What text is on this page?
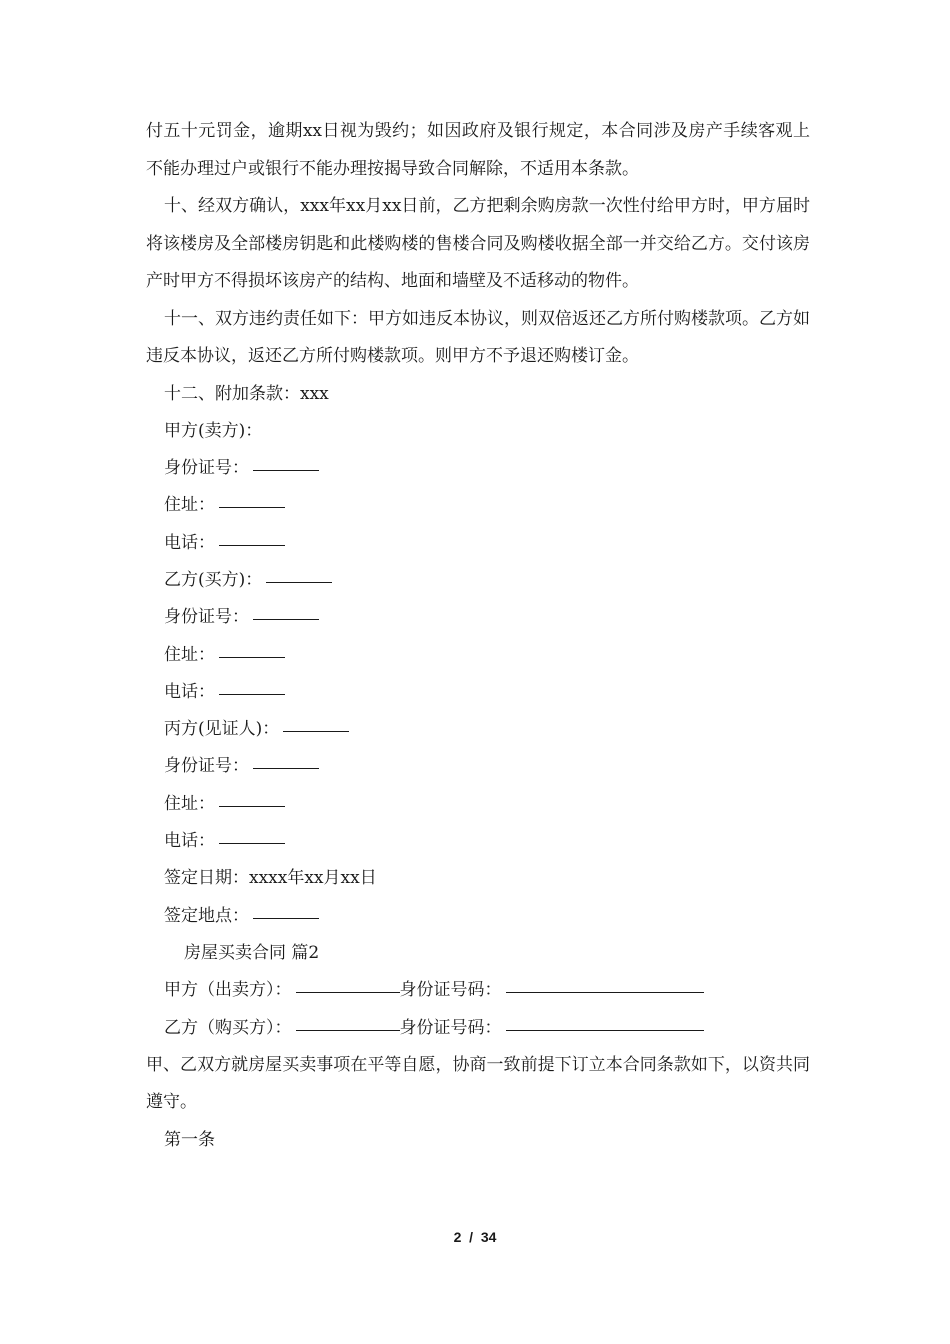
付五十元罚金，逾期xx日视为毁约；如因政府及银行规定，本合同涉及房产手续客观上不能办理过户或银行不能办理按揭导致合同解除，不适用本条款。

十、经双方确认，xxx年xx月xx日前，乙方把剩余购房款一次性付给甲方时，甲方届时将该楼房及全部楼房钥匙和此楼购楼的售楼合同及购楼收据全部一并交给乙方。交付该房产时甲方不得损坏该房产的结构、地面和墙壁及不适移动的物件。

十一、双方违约责任如下：甲方如违反本协议，则双倍返还乙方所付购楼款项。乙方如违反本协议，返还乙方所付购楼款项。则甲方不予退还购楼订金。

十二、附加条款：xxx

甲方(卖方)：

身份证号：

住址：

电话：

乙方(买方)：

身份证号：

住址：

电话：

丙方(见证人)：

身份证号：

住址：

电话：

签定日期：xxxx年xx月xx日

签定地点：

房屋买卖合同 篇2

甲方（出卖方）：	身份证号码：

乙方（购买方）：	身份证号码：

甲、乙双方就房屋买卖事项在平等自愿，协商一致前提下订立本合同条款如下，以资共同遵守。

第一条

2 / 34
